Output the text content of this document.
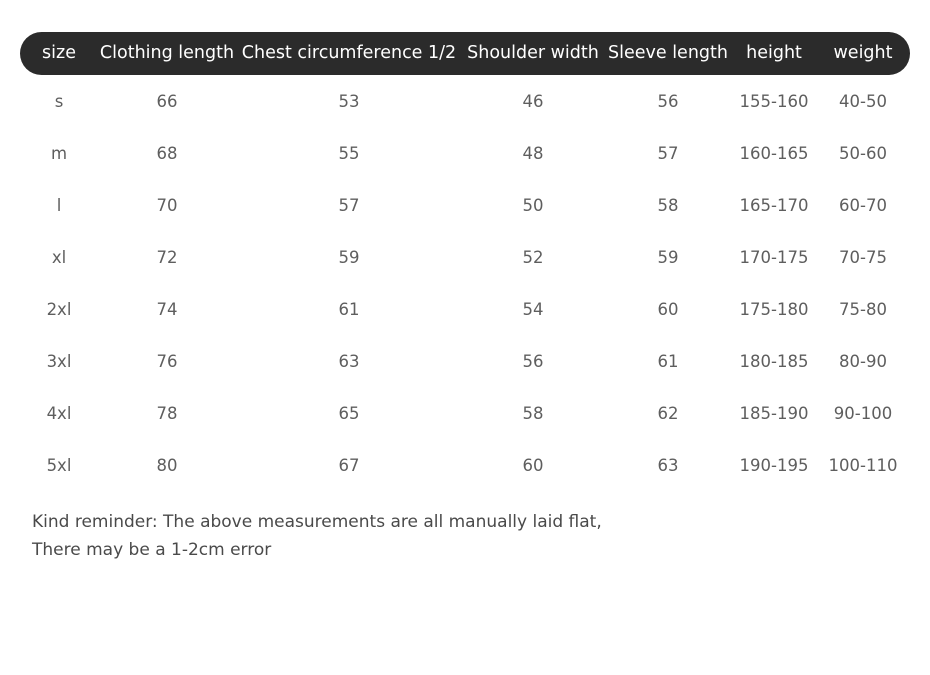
size	Clothing length	Chest circumference 1/2	Shoulder width	Sleeve length	height	weight
s	66	53	46	56	155-160	40-50
m	68	55	48	57	160-165	50-60
l	70	57	50	58	165-170	60-70
xl	72	59	52	59	170-175	70-75
2xl	74	61	54	60	175-180	75-80
3xl	76	63	56	61	180-185	80-90
4xl	78	65	58	62	185-190	90-100
5xl	80	67	60	63	190-195	100-110
Kind reminder: The above measurements are all manually laid flat,
There may be a 1-2cm error
